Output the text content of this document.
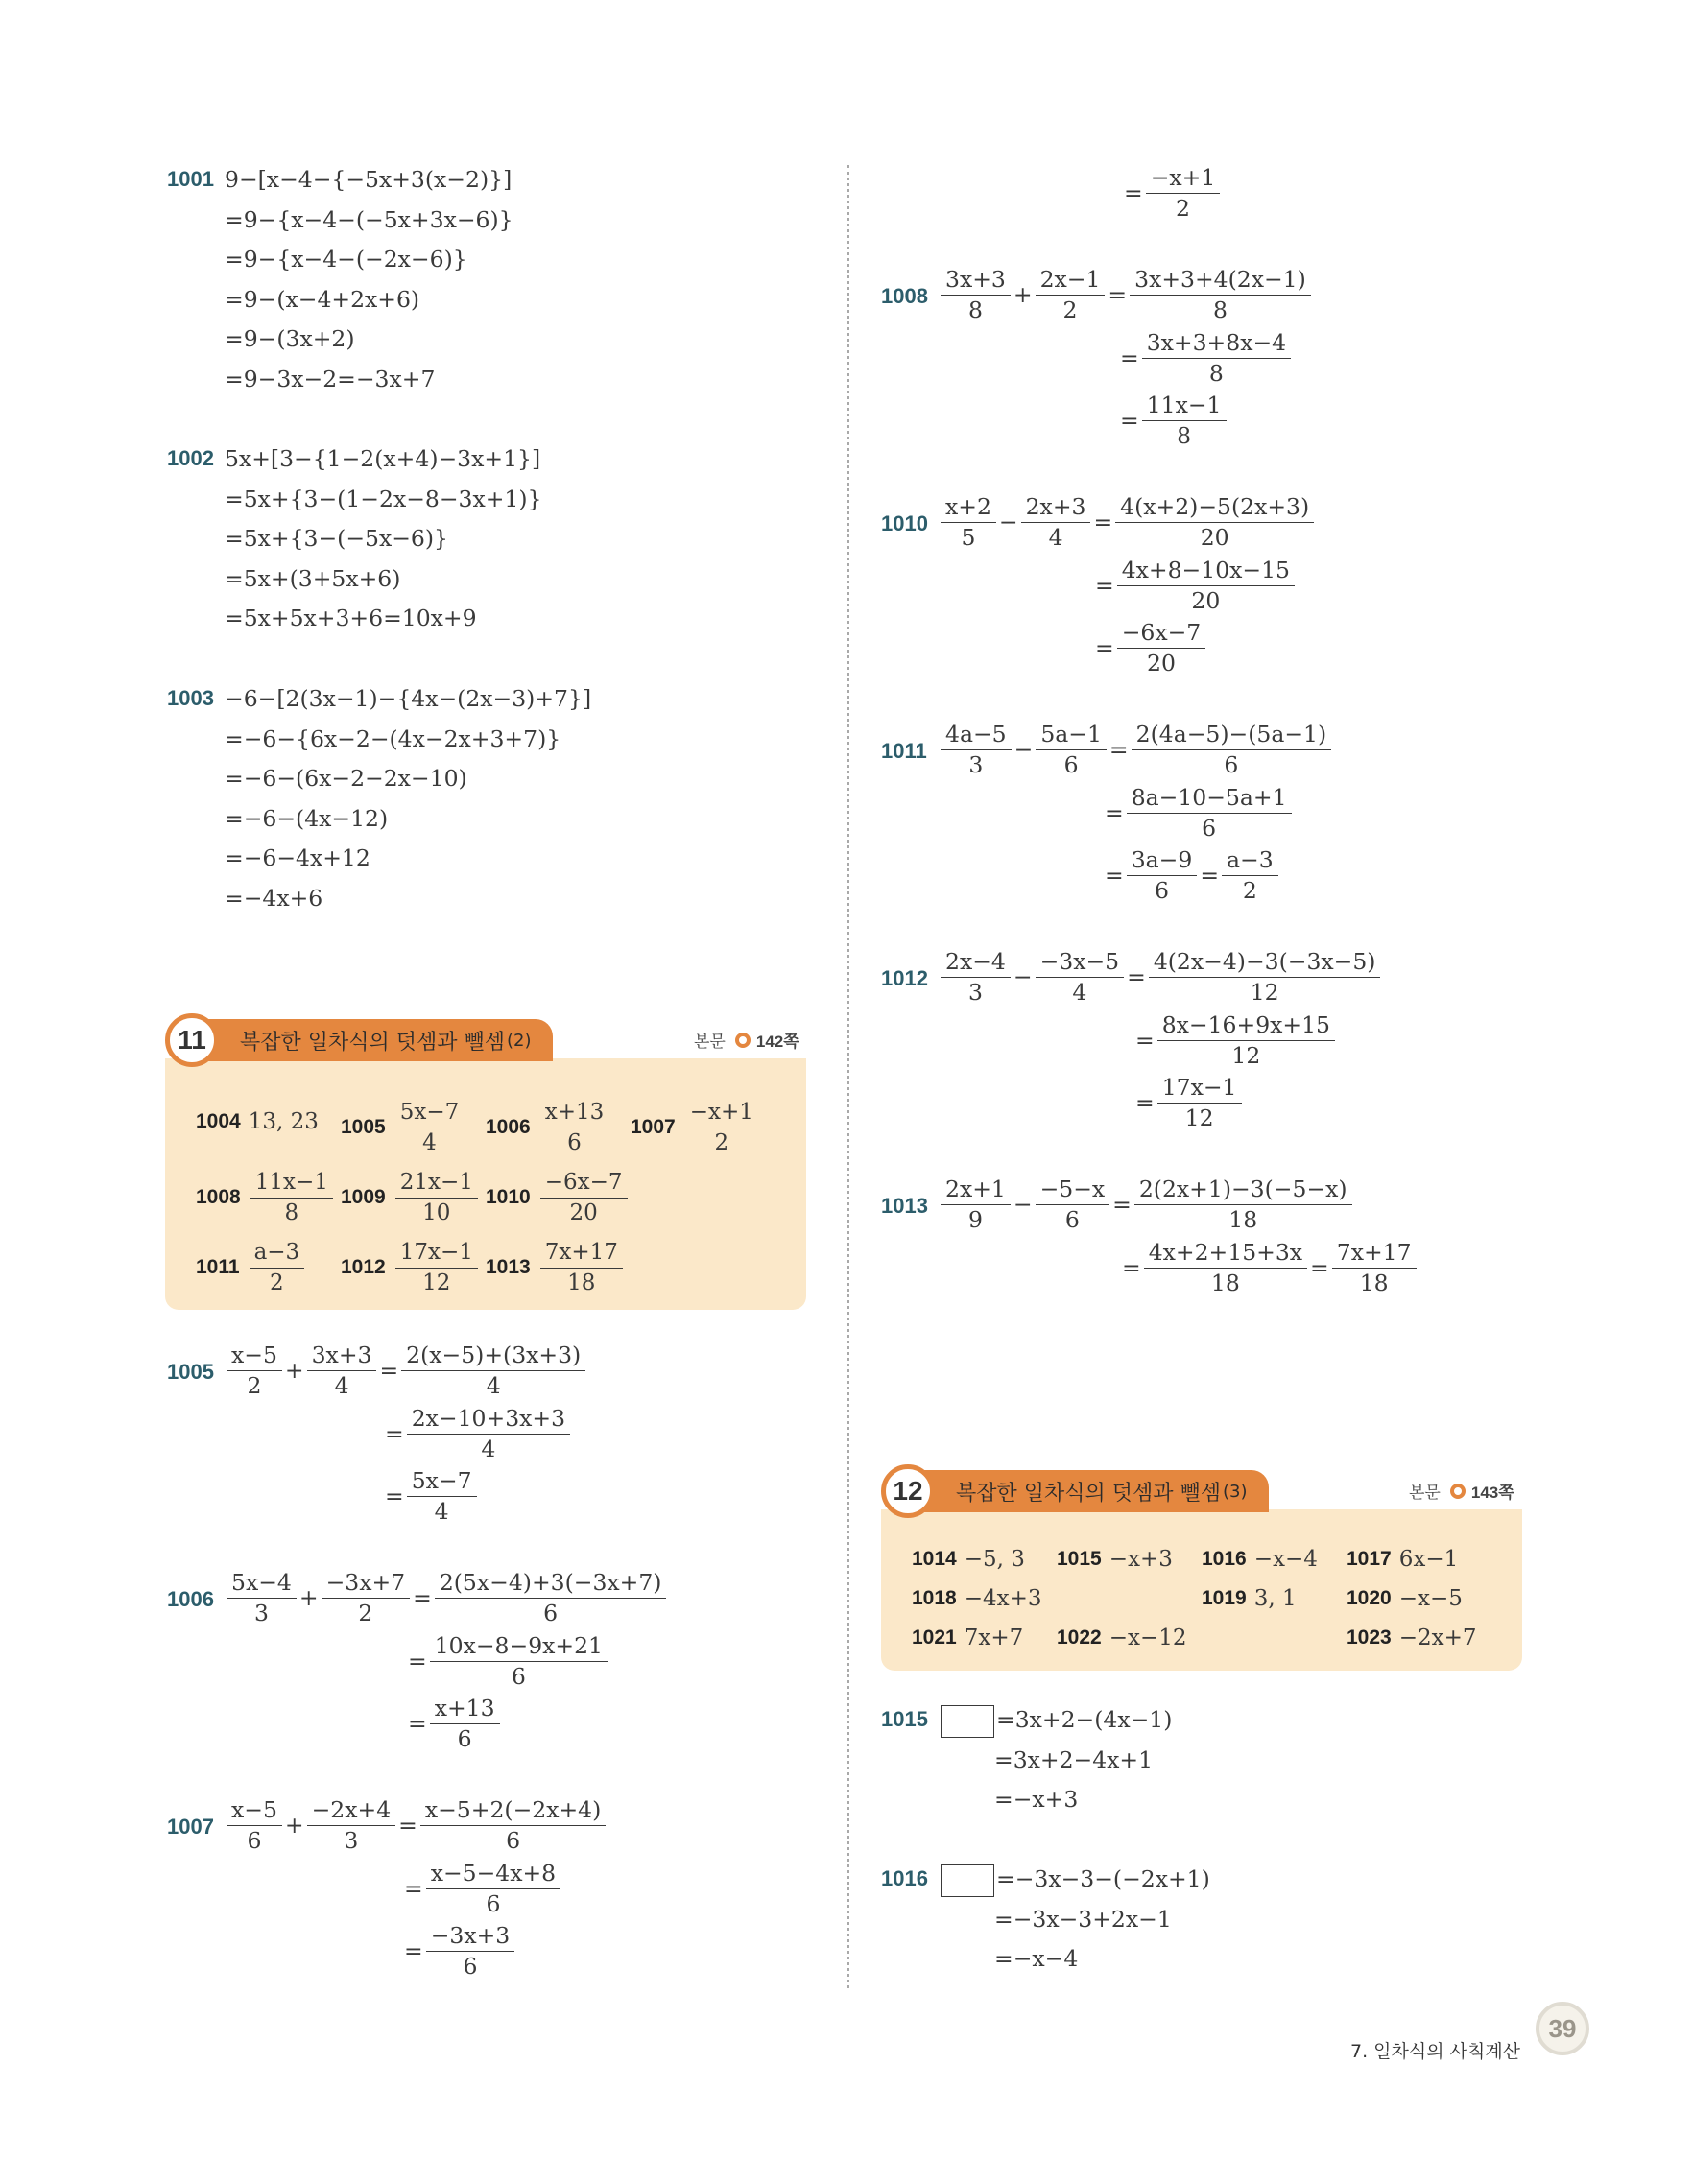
1001 9−[x−4−{−5x+3(x−2)}]
=9−{x−4−(−5x+3x−6)}
=9−{x−4−(−2x−6)}
=9−(x−4+2x+6)
=9−(3x+2)
=9−3x−2=−3x+7
1002 5x+[3−{1−2(x+4)−3x+1}]
=5x+{3−(1−2x−8−3x+1)}
=5x+{3−(−5x−6)}
=5x+(3+5x+6)
=5x+5x+3+6=10x+9
1003 −6−[2(3x−1)−{4x−(2x−3)+7}]
=−6−{6x−2−(4x−2x+3+7)}
=−6−(6x−2−2x−10)
=−6−(4x−12)
=−6−4x+12
=−4x+6
11	복잡한 일차식의 덧셈과 뺄셈 (2)	본문 142쪽
1004 13, 23 $1005 \frac{5x-7}{4} 1006 \frac{x+13}{6} 1007 \frac{-x+1}{2}$
$1008 \frac{11x-1}{8} 1009 \frac{21x-1}{10} 1010 \frac{-6x-7}{20}$
$1011 \frac{a-3}{2} 1012 \frac{17x-1}{12} 1013 \frac{7x+17}{18}$
$1005 \frac{x-5}{2} + \frac{3x+3}{4} = \frac{2(x-5)+(3x+3)}{4}$
= $\frac{2x-10+3x+3}{4}$
= $\frac{5x-7}{4}$
$1006 \frac{5x-4}{3} + \frac{-3x+7}{2} = \frac{2(5x-4)+3(-3x+7)}{6}$
= $\frac{10x-8-9x+21}{6}$
= $\frac{x+13}{6}$
$1007 \frac{x-5}{6} + \frac{-2x+4}{3} = \frac{x-5+2(-2x+4)}{6}$
= $\frac{x-5-4x+8}{6}$
= $\frac{-3x+3}{6}$
= $\frac{-x+1}{2}$
$1008 \frac{3x+3}{8} + \frac{2x-1}{2} = \frac{3x+3+4(2x-1)}{8}$
= $\frac{3x+3+8x-4}{8}$
= $\frac{11x-1}{8}$
$1010 \frac{x+2}{5} - \frac{2x+3}{4} = \frac{4(x+2)-5(2x+3)}{20}$
= $\frac{4x+8-10x-15}{20}$
= $\frac{-6x-7}{20}$
$1011 \frac{4a-5}{3} - \frac{5a-1}{6} = \frac{2(4a-5)-(5a-1)}{6}$
= $\frac{8a-10-5a+1}{6}$
= $\frac{3a-9}{6} = \frac{a-3}{2}$
$1012 \frac{2x-4}{3} - \frac{-3x-5}{4} = \frac{4(2x-4)-3(-3x-5)}{12}$
= $\frac{8x-16+9x+15}{12}$
= $\frac{17x-1}{12}$
$1013 \frac{2x+1}{9} - \frac{-5-x}{6} = \frac{2(2x+1)-3(-5-x)}{18}$
= $\frac{4x+2+15+3x}{18} = \frac{7x+17}{18}$
12	복잡한 일차식의 덧셈과 뺄셈 (3)	본문 143쪽
1014 −5, 3 1015 −x+3 1016 −x−4 1017 6x−1
1018 −4x+3	1019 3, 1 1020 −x−5
1021 7x+7 1022 −x−12	1023 −2x+7
1015	=3x+2−(4x−1)
=3x+2−4x+1
=−x+3
1016	=−3x−3−(−2x+1)
=−3x−3+2x−1
=−x−4
7. 일차식의 사칙계산
39
